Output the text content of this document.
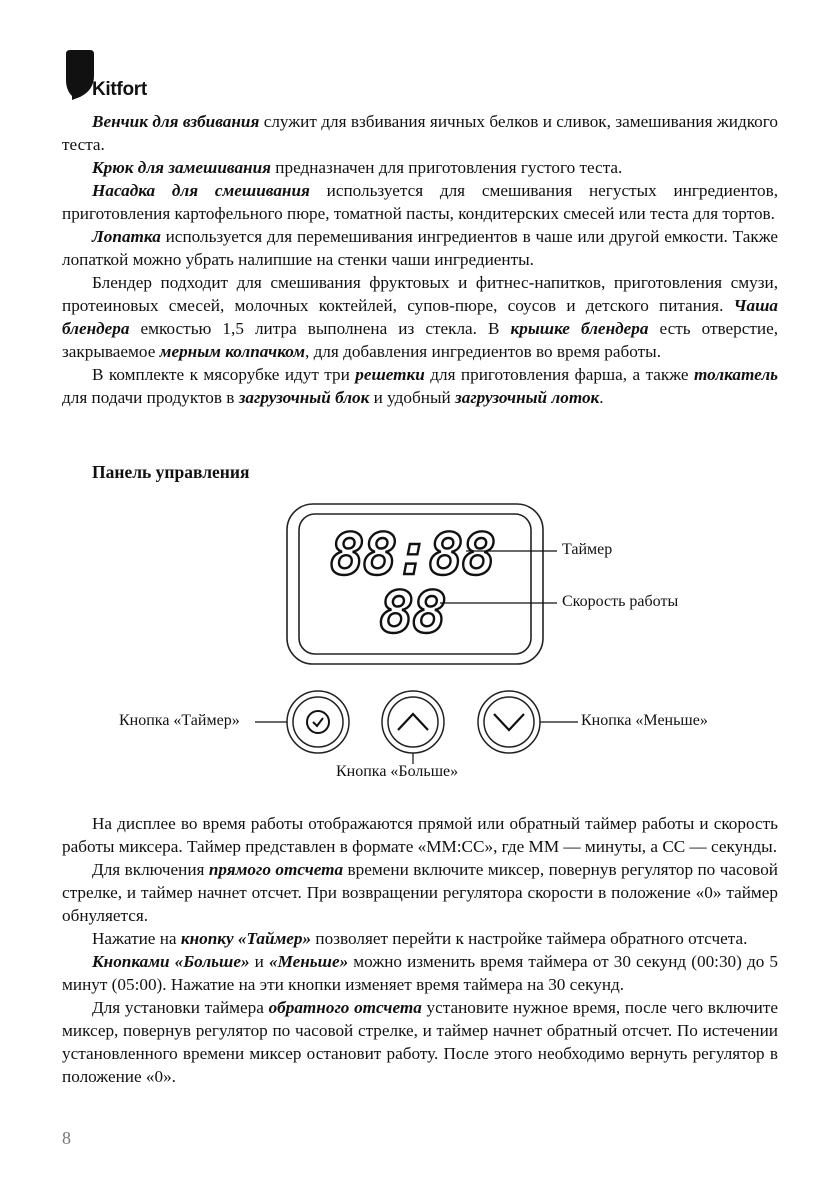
Kitfort

Венчик для взбивания служит для взбивания яичных белков и сливок, замешивания жидкого теста.

Крюк для замешивания предназначен для приготовления густого теста.

Насадка для смешивания используется для смешивания негустых ингредиентов, приготовления картофельного пюре, томатной пасты, кондитерских смесей или теста для тортов.

Лопатка используется для перемешивания ингредиентов в чаше или другой емкости. Также лопаткой можно убрать налипшие на стенки чаши ингредиенты.

Блендер подходит для смешивания фруктовых и фитнес-напитков, приготовления смузи, протеиновых смесей, молочных коктейлей, супов-пюре, соусов и детского питания. Чаша блендера емкостью 1,5 литра выполнена из стекла. В крышке блендера есть отверстие, закрываемое мерным колпачком, для добавления ингредиентов во время работы.

В комплекте к мясорубке идут три решетки для приготовления фарша, а также толкатель для подачи продуктов в загрузочный блок и удобный загрузочный лоток.

Панель управления
88:88
88
Таймер
Скорость работы
Кнопка «Таймер»	Кнопка «Меньше»
Кнопка «Больше»

На дисплее во время работы отображаются прямой или обратный таймер работы и скорость работы миксера. Таймер представлен в формате «ММ:СС», где ММ — минуты, а СС — секунды.

Для включения прямого отсчета времени включите миксер, повернув регулятор по часовой стрелке, и таймер начнет отсчет. При возвращении регулятора скорости в положение «0» таймер обнуляется.

Нажатие на кнопку «Таймер» позволяет перейти к настройке таймера обратного отсчета.

Кнопками «Больше» и «Меньше» можно изменить время таймера от 30 секунд (00:30) до 5 минут (05:00). Нажатие на эти кнопки изменяет время таймера на 30 секунд.

Для установки таймера обратного отсчета установите нужное время, после чего включите миксер, повернув регулятор по часовой стрелке, и таймер начнет обратный отсчет. По истечении установленного времени миксер остановит работу. После этого необходимо вернуть регулятор в положение «0».

8
